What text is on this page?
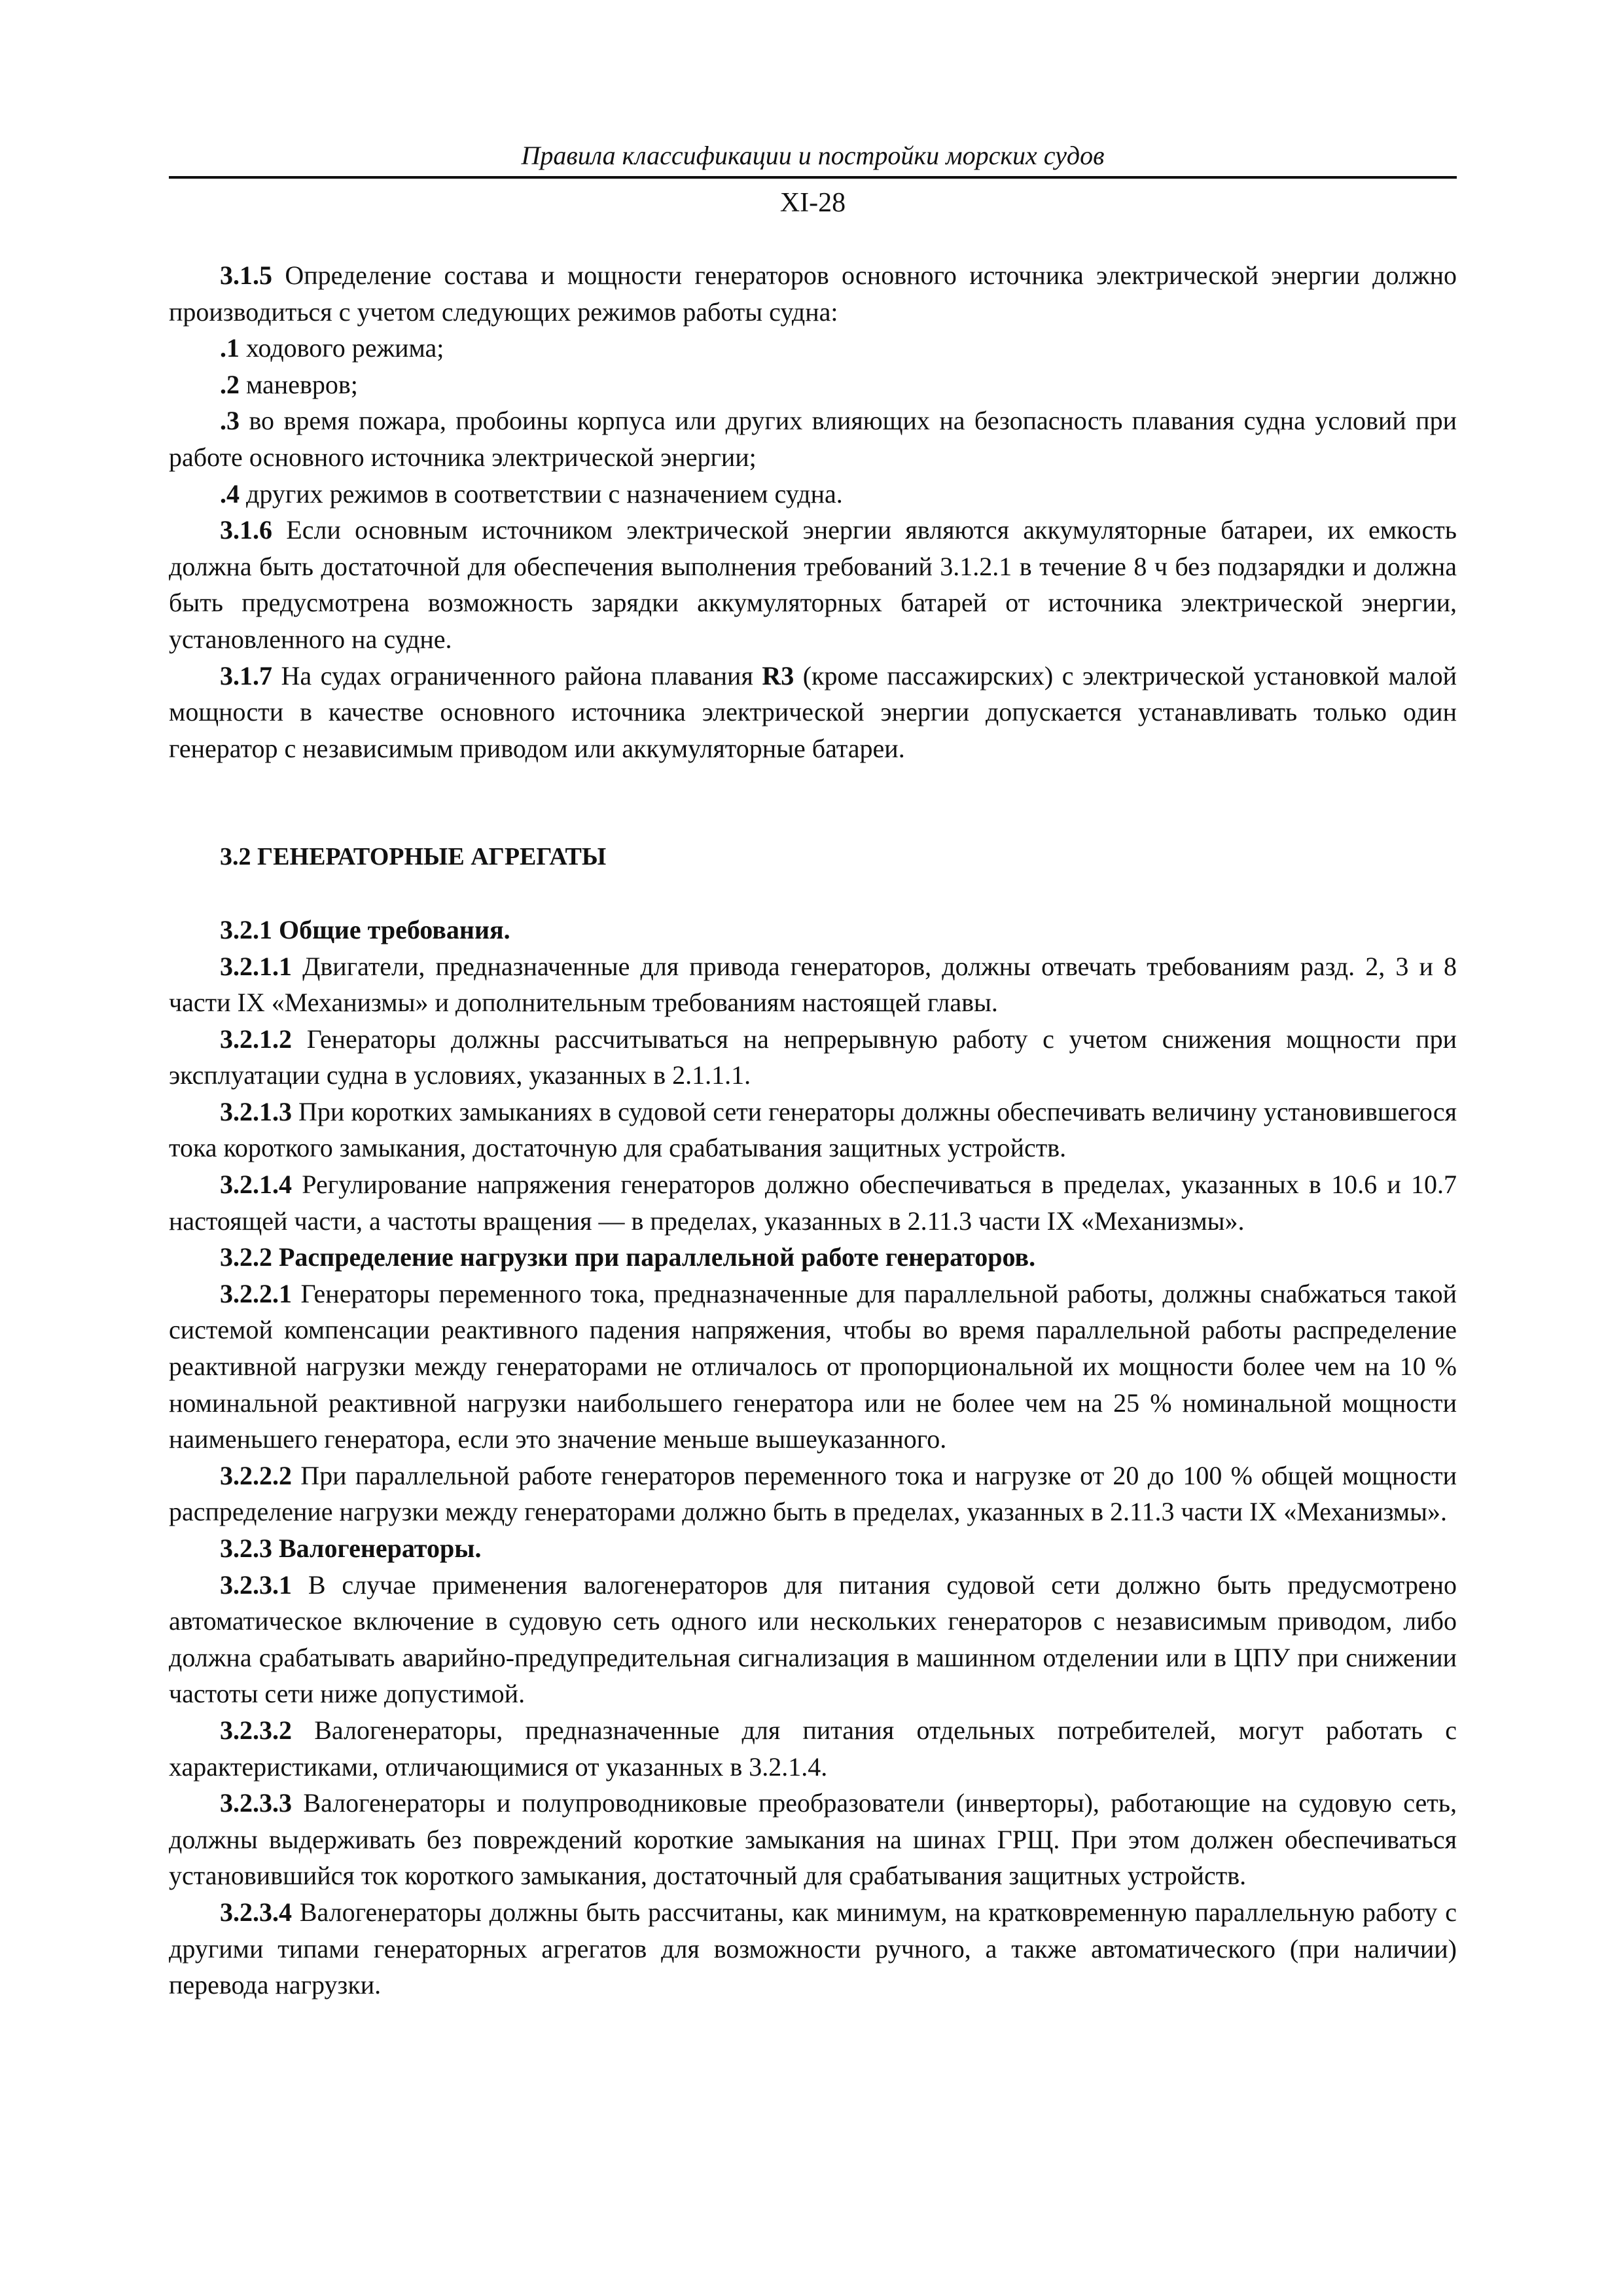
Правила классификации и постройки морских судов
XI-28

3.1.5 Определение состава и мощности генераторов основного источника электрической энергии должно производиться с учетом следующих режимов работы судна:

.1 ходового режима;

.2 маневров;

.3 во время пожара, пробоины корпуса или других влияющих на безопасность плавания судна условий при работе основного источника электрической энергии;

.4 других режимов в соответствии с назначением судна.

3.1.6 Если основным источником электрической энергии являются аккумуляторные батареи, их емкость должна быть достаточной для обеспечения выполнения требований 3.1.2.1 в течение 8 ч без подзарядки и должна быть предусмотрена возможность зарядки аккумуляторных батарей от источника электрической энергии, установленного на судне.

3.1.7 На судах ограниченного района плавания R3 (кроме пассажирских) с электрической установкой малой мощности в качестве основного источника электрической энергии допускается устанавливать только один генератор с независимым приводом или аккумуляторные батареи.

3.2 ГЕНЕРАТОРНЫЕ АГРЕГАТЫ

3.2.1 Общие требования.

3.2.1.1 Двигатели, предназначенные для привода генераторов, должны отвечать требованиям разд. 2, 3 и 8 части IX «Механизмы» и дополнительным требованиям настоящей главы.

3.2.1.2 Генераторы должны рассчитываться на непрерывную работу с учетом снижения мощности при эксплуатации судна в условиях, указанных в 2.1.1.1.

3.2.1.3 При коротких замыканиях в судовой сети генераторы должны обеспечивать величину установившегося тока короткого замыкания, достаточную для срабатывания защитных устройств.

3.2.1.4 Регулирование напряжения генераторов должно обеспечиваться в пределах, указанных в 10.6 и 10.7 настоящей части, а частоты вращения — в пределах, указанных в 2.11.3 части IX «Механизмы».

3.2.2 Распределение нагрузки при параллельной работе генераторов.

3.2.2.1 Генераторы переменного тока, предназначенные для параллельной работы, должны снабжаться такой системой компенсации реактивного падения напряжения, чтобы во время параллельной работы распределение реактивной нагрузки между генераторами не отличалось от пропорциональной их мощности более чем на 10 % номинальной реактивной нагрузки наибольшего генератора или не более чем на 25 % номинальной мощности наименьшего генератора, если это значение меньше вышеуказанного.

3.2.2.2 При параллельной работе генераторов переменного тока и нагрузке от 20 до 100 % общей мощности распределение нагрузки между генераторами должно быть в пределах, указанных в 2.11.3 части IX «Механизмы».

3.2.3 Валогенераторы.

3.2.3.1 В случае применения валогенераторов для питания судовой сети должно быть предусмотрено автоматическое включение в судовую сеть одного или нескольких генераторов с независимым приводом, либо должна срабатывать аварийно-предупредительная сигнализация в машинном отделении или в ЦПУ при снижении частоты сети ниже допустимой.

3.2.3.2 Валогенераторы, предназначенные для питания отдельных потребителей, могут работать с характеристиками, отличающимися от указанных в 3.2.1.4.

3.2.3.3 Валогенераторы и полупроводниковые преобразователи (инверторы), работающие на судовую сеть, должны выдерживать без повреждений короткие замыкания на шинах ГРЩ. При этом должен обеспечиваться установившийся ток короткого замыкания, достаточный для срабатывания защитных устройств.

3.2.3.4 Валогенераторы должны быть рассчитаны, как минимум, на кратковременную параллельную работу с другими типами генераторных агрегатов для возможности ручного, а также автоматического (при наличии) перевода нагрузки.
